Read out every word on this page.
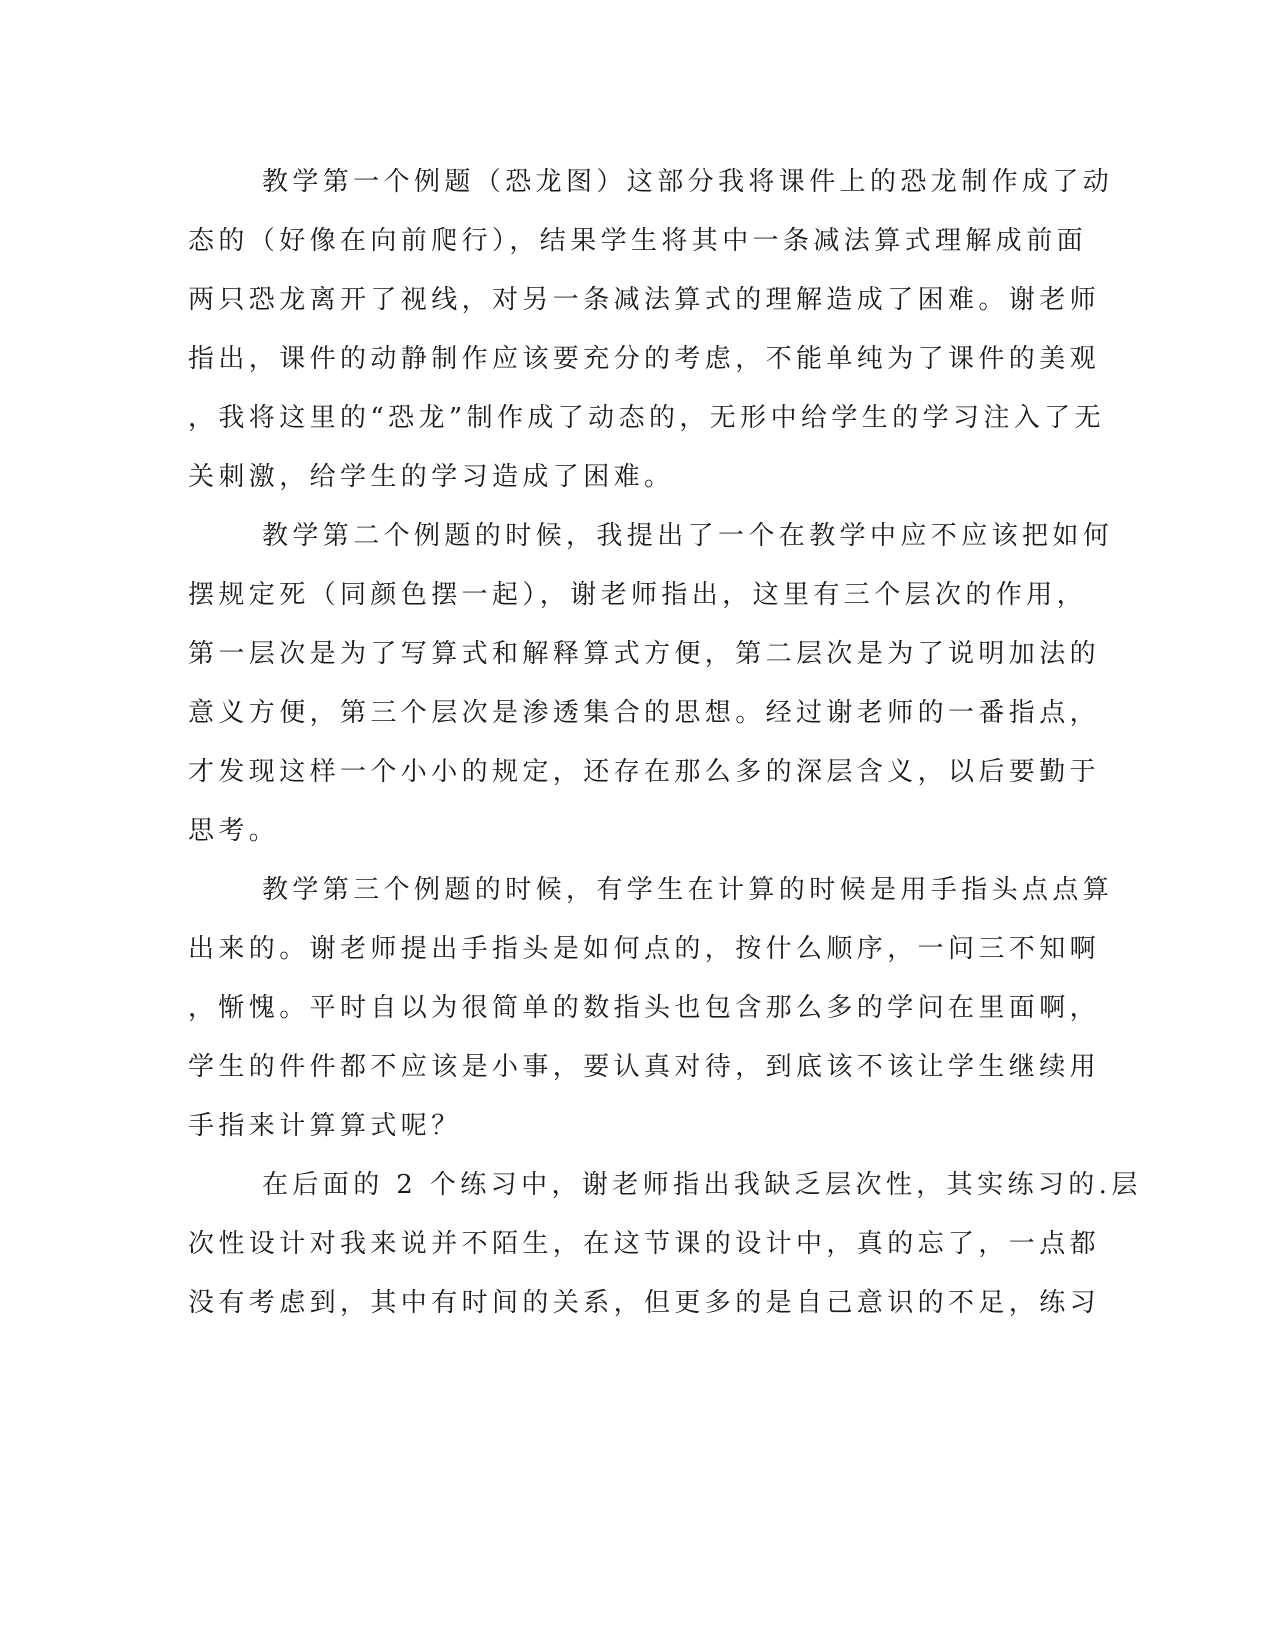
教学第一个例题（恐龙图）这部分我将课件上的恐龙制作成了动
态的（好像在向前爬行），结果学生将其中一条减法算式理解成前面
两只恐龙离开了视线，对另一条减法算式的理解造成了困难。谢老师
指出，课件的动静制作应该要充分的考虑，不能单纯为了课件的美观
，我将这里的“恐龙”制作成了动态的，无形中给学生的学习注入了无
关刺激，给学生的学习造成了困难。
教学第二个例题的时候，我提出了一个在教学中应不应该把如何
摆规定死（同颜色摆一起），谢老师指出，这里有三个层次的作用，
第一层次是为了写算式和解释算式方便，第二层次是为了说明加法的
意义方便，第三个层次是渗透集合的思想。经过谢老师的一番指点，
才发现这样一个小小的规定，还存在那么多的深层含义，以后要勤于
思考。
教学第三个例题的时候，有学生在计算的时候是用手指头点点算
出来的。谢老师提出手指头是如何点的，按什么顺序，一问三不知啊
，惭愧。平时自以为很简单的数指头也包含那么多的学问在里面啊，
学生的件件都不应该是小事，要认真对待，到底该不该让学生继续用
手指来计算算式呢？
在后面的 2 个练习中，谢老师指出我缺乏层次性，其实练习的.层
次性设计对我来说并不陌生，在这节课的设计中，真的忘了，一点都
没有考虑到，其中有时间的关系，但更多的是自己意识的不足，练习
